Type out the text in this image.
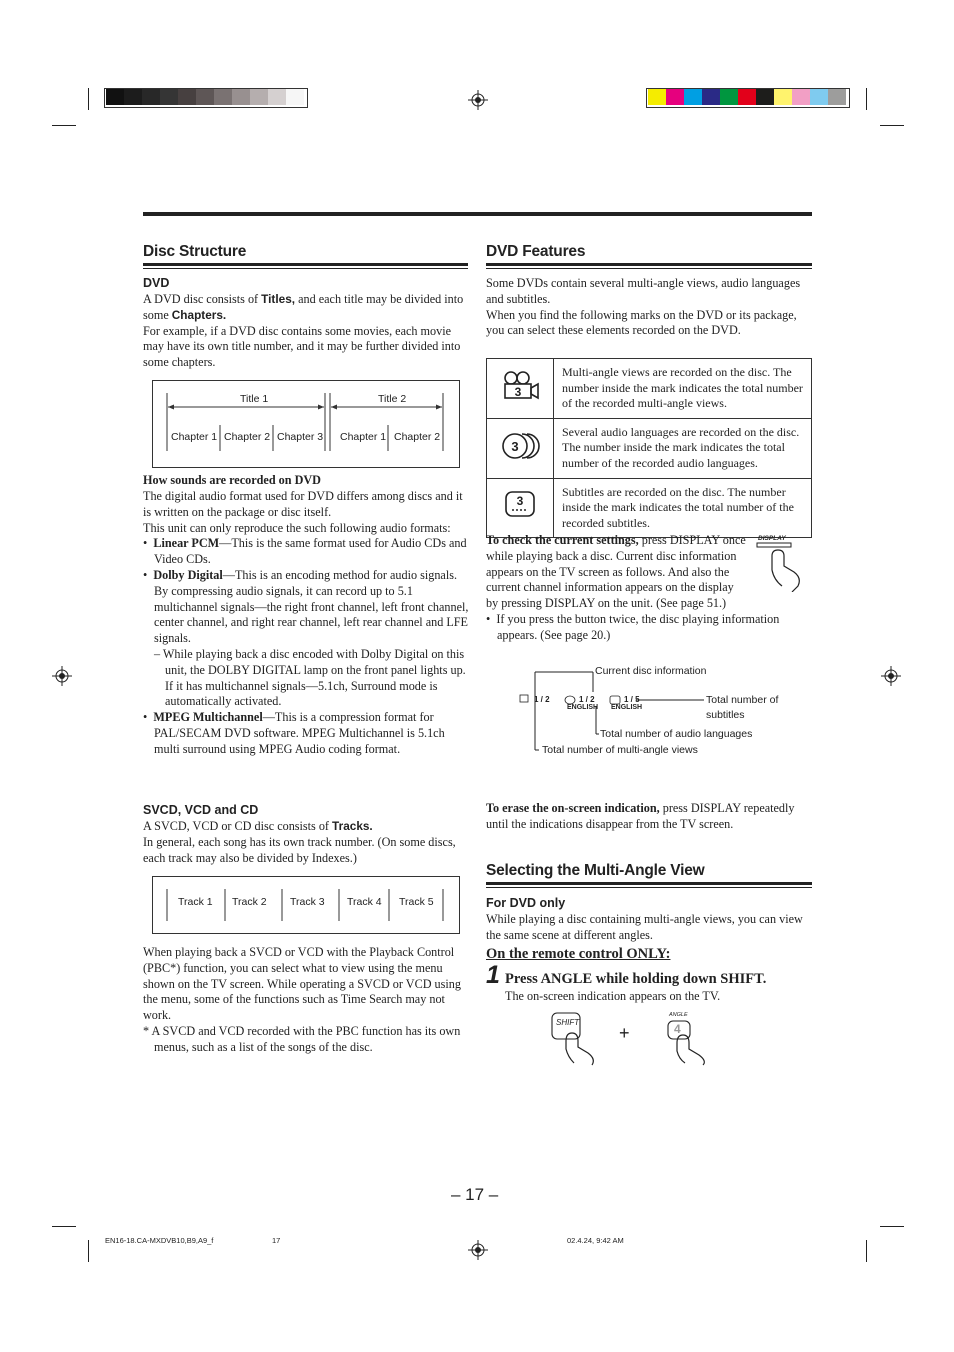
Disc Structure
DVD
A DVD disc consists of Titles, and each title may be divided into some Chapters.
For example, if a DVD disc contains some movies, each movie may have its own title number, and it may be further divided into some chapters.
Title 1	Title 2
Chapter 1 Chapter 2 Chapter 3 Chapter 1 Chapter 2
How sounds are recorded on DVD
The digital audio format used for DVD differs among discs and it is written on the package or disc itself.
This unit can only reproduce the such following audio formats:
•  Linear PCM—This is the same format used for Audio CDs and Video CDs.
•  Dolby Digital—This is an encoding method for audio signals. By compressing audio signals, it can record up to 5.1 multichannel signals—the right front channel, left front channel, center channel, and right rear channel, left rear channel and LFE signals.
– While playing back a disc encoded with Dolby Digital on this unit, the DOLBY DIGITAL lamp on the front panel lights up. If it has multichannel signals—5.1ch, Surround mode is automatically activated.
•  MPEG Multichannel—This is a compression format for PAL/SECAM DVD software. MPEG Multichannel is 5.1ch multi surround using MPEG Audio coding format.
SVCD, VCD and CD
A SVCD, VCD or CD disc consists of Tracks.
In general, each song has its own track number. (On some discs, each track may also be divided by Indexes.)
Track 1 Track 2 Track 3 Track 4 Track 5
When playing back a SVCD or VCD with the Playback Control (PBC*) function, you can select what to view using the menu shown on the TV screen. While operating a SVCD or VCD using the menu, some of the functions such as Time Search may not work.
* A SVCD and VCD recorded with the PBC function has its own menus, such as a list of the songs of the disc.
DVD Features
Some DVDs contain several multi-angle views, audio languages and subtitles.
When you find the following marks on the DVD or its package, you can select these elements recorded on the DVD.
3	Multi-angle views are recorded on the disc. The number inside the mark indicates the total number of the recorded multi-angle views.

3	Several audio languages are recorded on the disc. The number inside the mark indicates the total number of the recorded audio languages.

3	Subtitles are recorded on the disc. The number inside the mark indicates the total number of the recorded subtitles.
To check the current settings, press DISPLAY once while playing back a disc. Current disc information appears on the TV screen as follows. And also the current channel information appears on the display by pressing DISPLAY on the unit. (See page 51.)
•  If you press the button twice, the disc playing information appears. (See page 20.)
DISPLAY
Current disc information
1 / 2	1 / 2
ENGLISH
1 / 5
ENGLISH
Total number of subtitles
Total number of audio languages
Total number of multi-angle views
To erase the on-screen indication, press DISPLAY repeatedly until the indications disappear from the TV screen.
Selecting the Multi-Angle View
For DVD only
While playing a disc containing multi-angle views, you can view the same scene at different angles.
On the remote control ONLY:
1 Press ANGLE while holding down SHIFT.
The on-screen indication appears on the TV.
SHIFT
+
ANGLE
4
– 17 –
EN16-18.CA-MXDVB10,B9,A9_f	17	02.4.24, 9:42 AM
